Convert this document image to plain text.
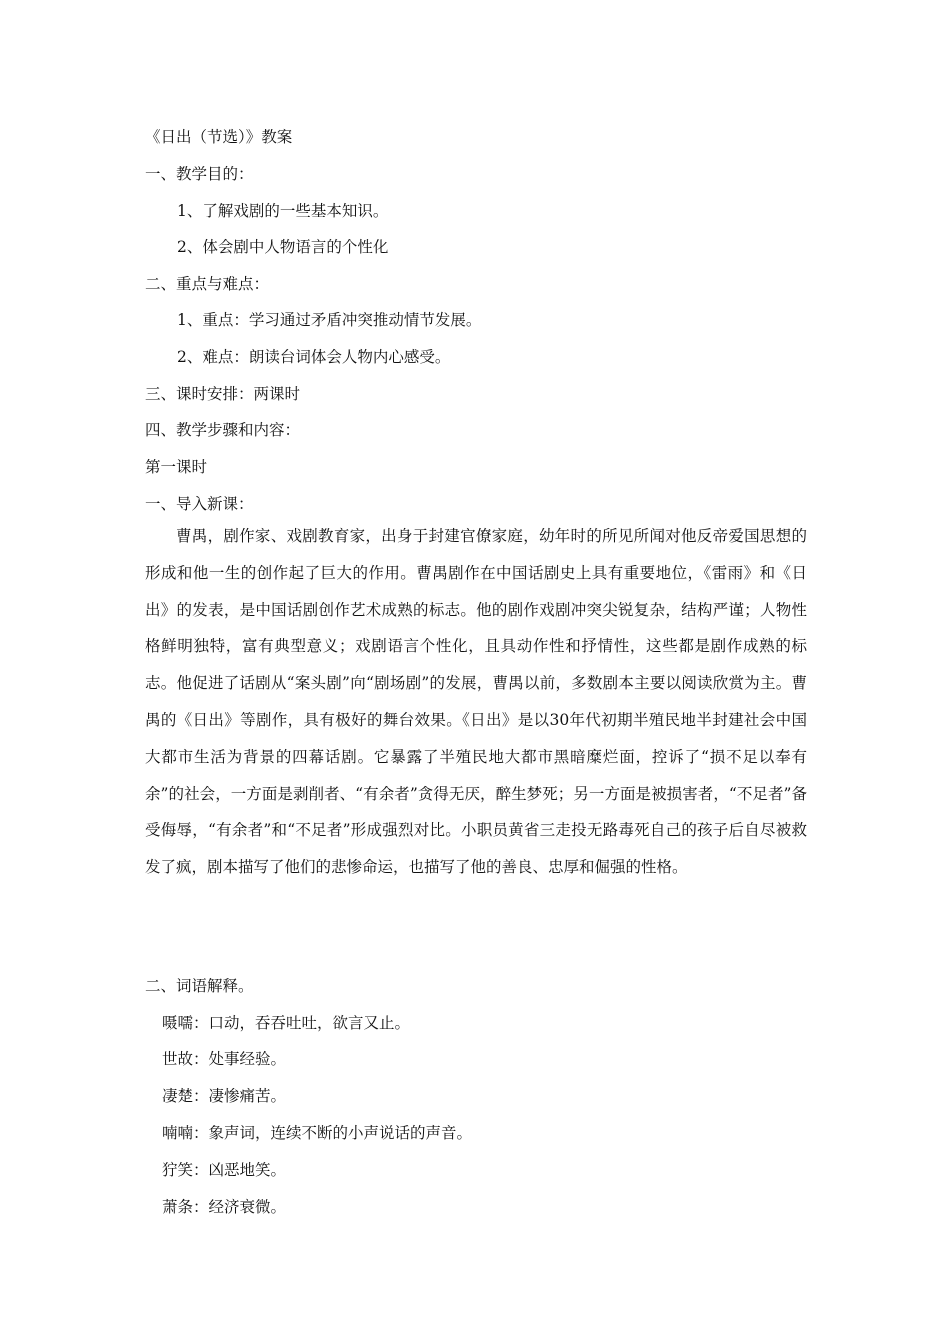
《日出（节选）》教案
一、教学目的：
1、了解戏剧的一些基本知识。
2、体会剧中人物语言的个性化
二、重点与难点：
1、重点：学习通过矛盾冲突推动情节发展。
2、难点：朗读台词体会人物内心感受。
三、课时安排：两课时
四、教学步骤和内容：
第一课时
一、导入新课：

曹禺，剧作家、戏剧教育家，出身于封建官僚家庭，幼年时的所见所闻对他反帝爱国思想的形成和他一生的创作起了巨大的作用。曹禺剧作在中国话剧史上具有重要地位，《雷雨》和《日出》的发表，是中国话剧创作艺术成熟的标志。他的剧作戏剧冲突尖锐复杂，结构严谨；人物性格鲜明独特，富有典型意义；戏剧语言个性化，且具动作性和抒情性，这些都是剧作成熟的标志。他促进了话剧从“案头剧”向“剧场剧”的发展，曹禺以前，多数剧本主要以阅读欣赏为主。曹禺的《日出》等剧作，具有极好的舞台效果。《日出》是以30年代初期半殖民地半封建社会中国大都市生活为背景的四幕话剧。它暴露了半殖民地大都市黑暗糜烂面，控诉了“损不足以奉有余”的社会，一方面是剥削者、“有余者”贪得无厌，醉生梦死；另一方面是被损害者，“不足者”备受侮辱，“有余者”和“不足者”形成强烈对比。小职员黄省三走投无路毒死自己的孩子后自尽被救发了疯，剧本描写了他们的悲惨命运，也描写了他的善良、忠厚和倔强的性格。

二、词语解释。
嗫嚅：口动，吞吞吐吐，欲言又止。
世故：处事经验。
凄楚：凄惨痛苦。
喃喃：象声词，连续不断的小声说话的声音。
狞笑：凶恶地笑。
萧条：经济衰微。
